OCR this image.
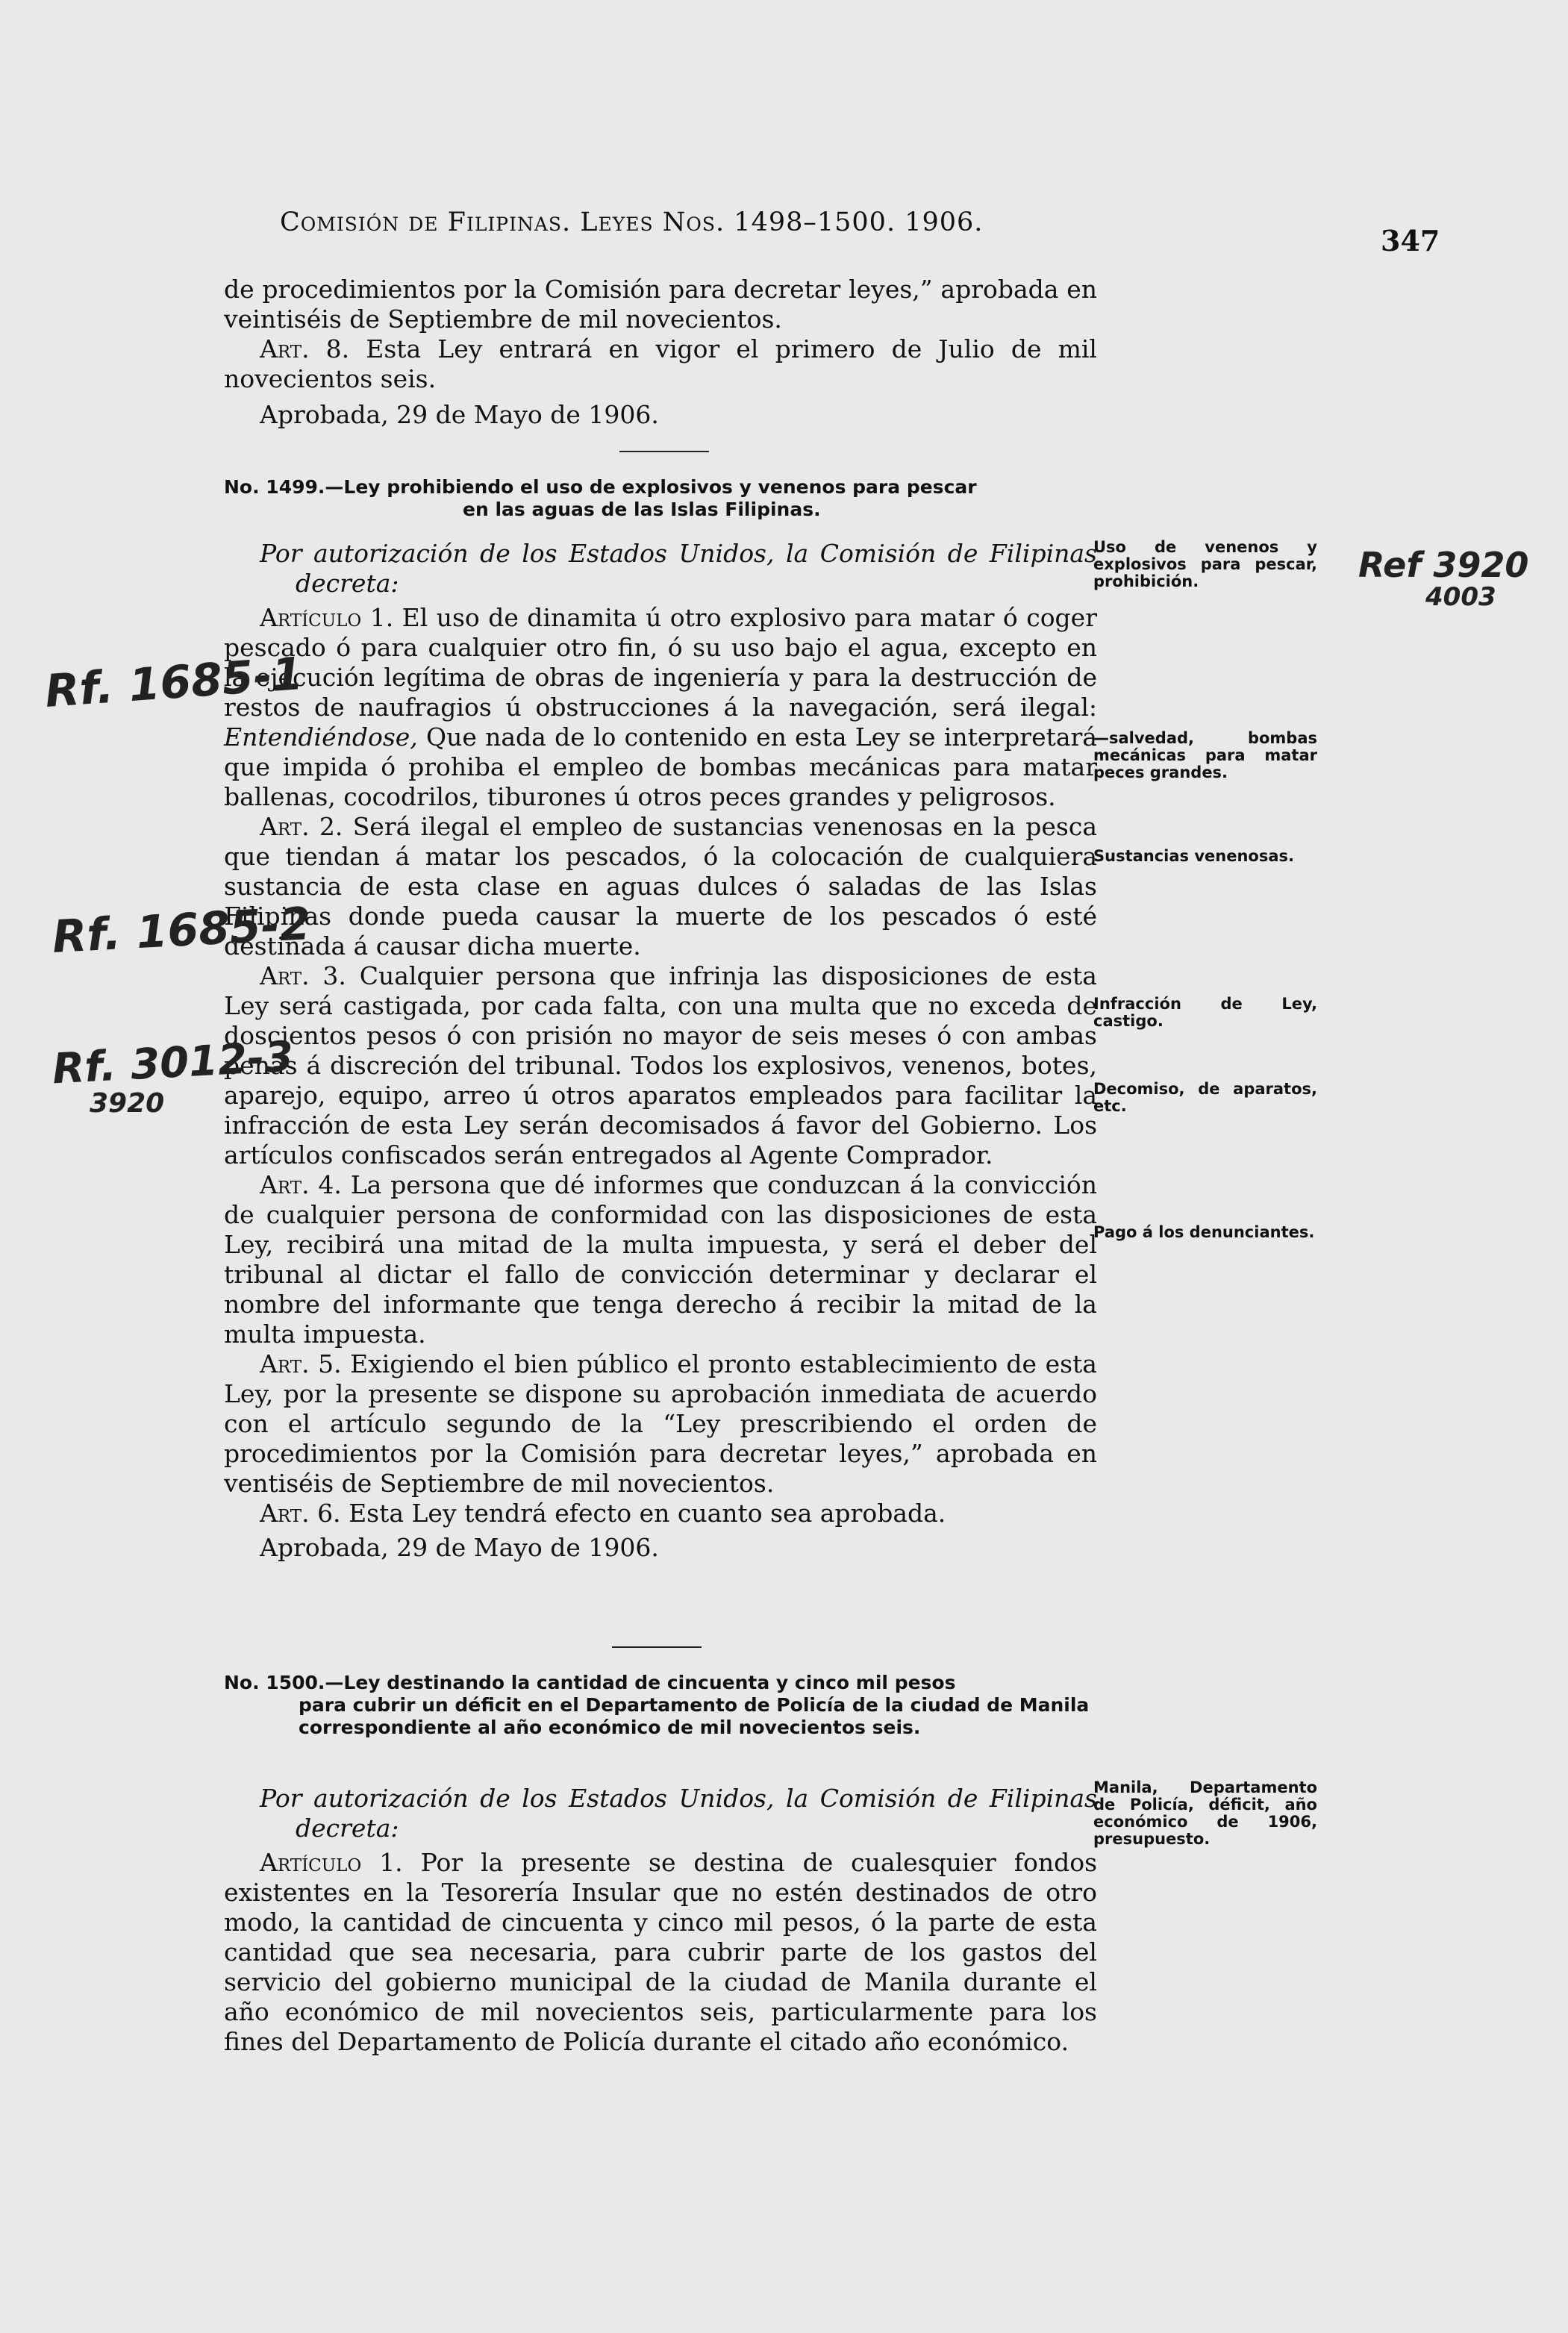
Comisión de Filipinas. Leyes Nos. 1498–1500. 1906.
347

de procedimientos por la Comisión para decretar leyes,” aprobada en veintiséis de Septiembre de mil novecientos.

Art. 8. Esta Ley entrará en vigor el primero de Julio de mil novecientos seis.

Aprobada, 29 de Mayo de 1906.

No. 1499.—Ley prohibiendo el uso de explosivos y venenos para pescar
en las aguas de las Islas Filipinas.

Por autorización de los Estados Unidos, la Comisión de Filipinas decreta:

Artículo 1. El uso de dinamita ú otro explosivo para matar ó coger pescado ó para cualquier otro fin, ó su uso bajo el agua, excepto en la ejecución legítima de obras de ingeniería y para la destrucción de restos de naufragios ú obstrucciones á la navegación, será ilegal: Entendiéndose, Que nada de lo contenido en esta Ley se interpretará que impida ó prohiba el empleo de bombas mecánicas para matar ballenas, cocodrilos, tiburones ú otros peces grandes y peligrosos.

Art. 2. Será ilegal el empleo de sustancias venenosas en la pesca que tiendan á matar los pescados, ó la colocación de cualquiera sustancia de esta clase en aguas dulces ó saladas de las Islas Filipinas donde pueda causar la muerte de los pescados ó esté destinada á causar dicha muerte.

Art. 3. Cualquier persona que infrinja las disposiciones de esta Ley será castigada, por cada falta, con una multa que no exceda de doscientos pesos ó con prisión no mayor de seis meses ó con ambas penas á discreción del tribunal. Todos los explosivos, venenos, botes, aparejo, equipo, arreo ú otros aparatos empleados para facilitar la infracción de esta Ley serán decomisados á favor del Gobierno. Los artículos confiscados serán entregados al Agente Comprador.

Art. 4. La persona que dé informes que conduzcan á la convicción de cualquier persona de conformidad con las disposiciones de esta Ley, recibirá una mitad de la multa impuesta, y será el deber del tribunal al dictar el fallo de convicción determinar y declarar el nombre del informante que tenga derecho á recibir la mitad de la multa impuesta.

Art. 5. Exigiendo el bien público el pronto establecimiento de esta Ley, por la presente se dispone su aprobación inmediata de acuerdo con el artículo segundo de la “Ley prescribiendo el orden de procedimientos por la Comisión para decretar leyes,” aprobada en ventiséis de Septiembre de mil novecientos.

Art. 6. Esta Ley tendrá efecto en cuanto sea aprobada.

Aprobada, 29 de Mayo de 1906.

No. 1500.—Ley destinando la cantidad de cincuenta y cinco mil pesos
para cubrir un déficit en el Departamento de Policía de la ciudad de Manila correspondiente al año económico de mil novecientos seis.

Por autorización de los Estados Unidos, la Comisión de Filipinas decreta:

Artículo 1. Por la presente se destina de cualesquier fondos existentes en la Tesorería Insular que no estén destinados de otro modo, la cantidad de cincuenta y cinco mil pesos, ó la parte de esta cantidad que sea necesaria, para cubrir parte de los gastos del servicio del gobierno municipal de la ciudad de Manila durante el año económico de mil novecientos seis, particularmente para los fines del Departamento de Policía durante el citado año económico.

Uso de venenos y explosivos para pescar, prohibición.
—salvedad, bombas mecánicas para matar peces grandes.
Sustancias venenosas.
Infracción de Ley, castigo.
Decomiso, de aparatos, etc.
Pago á los denunciantes.
Manila, Departamento de Policía, déficit, año económico de 1906, presupuesto.
Rf. 1685-1
Rf. 1685-2
Rf. 3012-3
3920
Ref 3920
4003
